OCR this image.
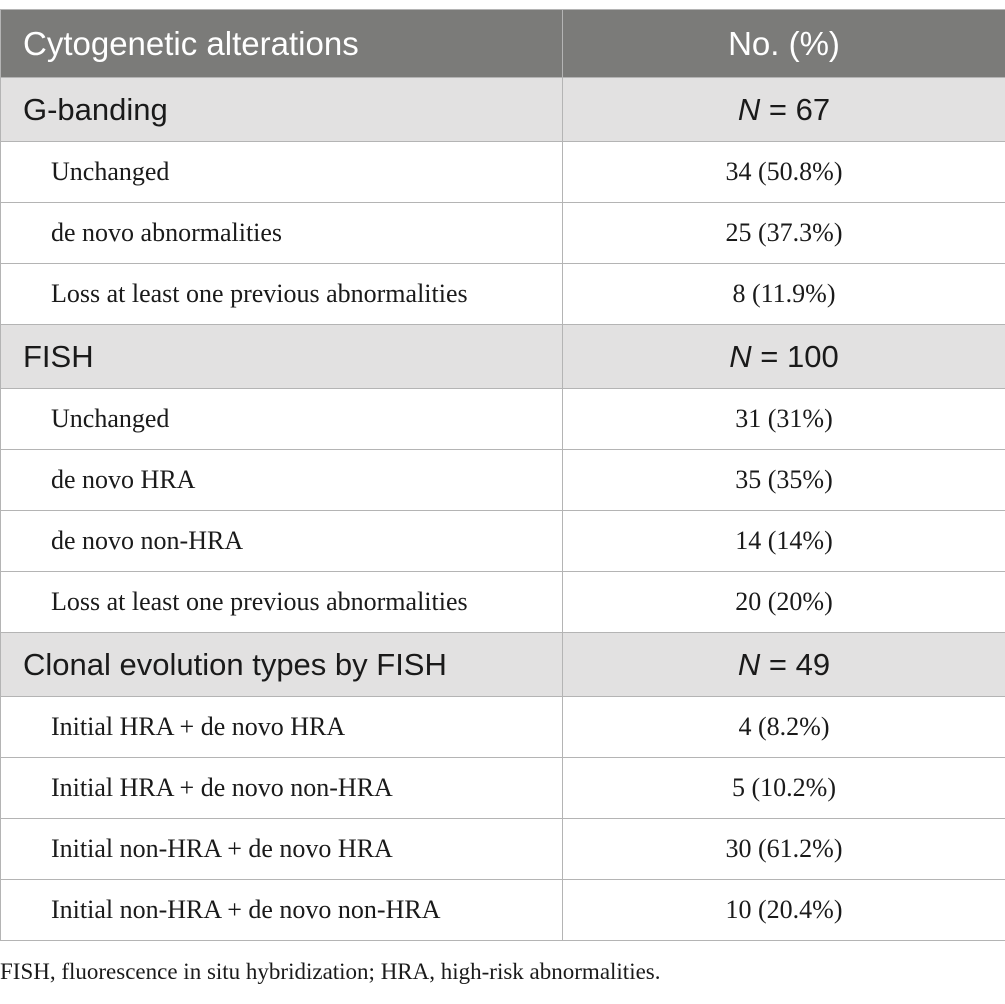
Cytogenetic alterations	No. (%)
G-banding	N = 67
Unchanged	34 (50.8%)
de novo abnormalities	25 (37.3%)
Loss at least one previous abnormalities	8 (11.9%)
FISH	N = 100
Unchanged	31 (31%)
de novo HRA	35 (35%)
de novo non-HRA	14 (14%)
Loss at least one previous abnormalities	20 (20%)
Clonal evolution types by FISH	N = 49
Initial HRA + de novo HRA	4 (8.2%)
Initial HRA + de novo non-HRA	5 (10.2%)
Initial non-HRA + de novo HRA	30 (61.2%)
Initial non-HRA + de novo non-HRA	10 (20.4%)
FISH, fluorescence in situ hybridization; HRA, high-risk abnormalities.
